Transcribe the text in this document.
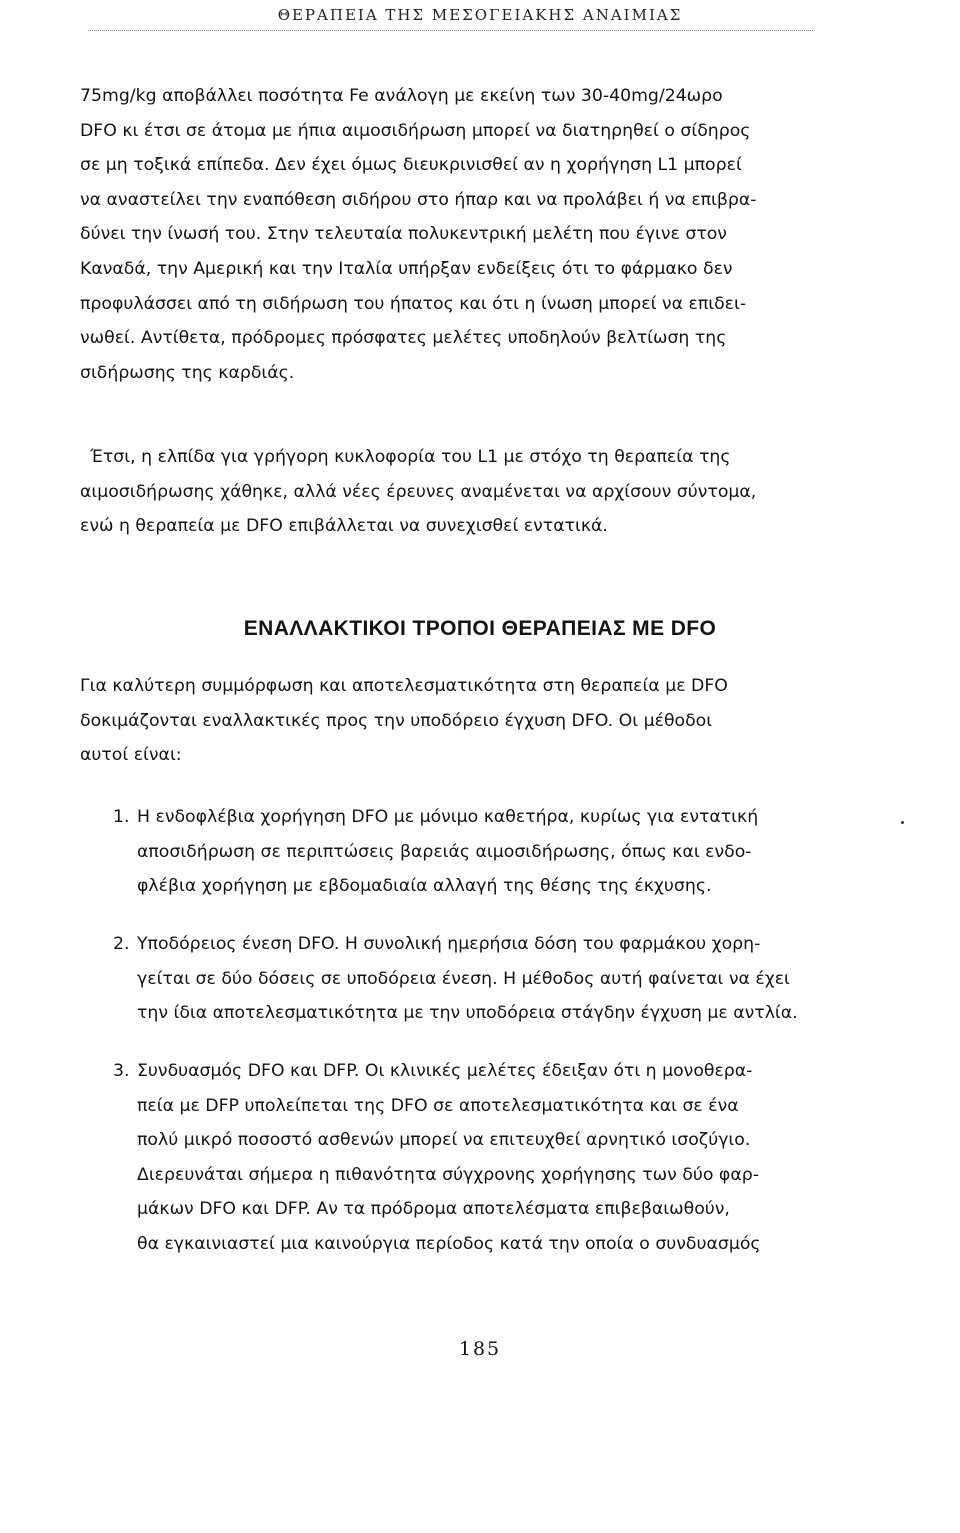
ΘΕΡΑΠΕΙΑ ΤΗΣ ΜΕΣΟΓΕΙΑΚΗΣ ΑΝΑΙΜΙΑΣ

75mg/kg αποβάλλει ποσότητα Fe ανάλογη με εκείνη των 30-40mg/24ωρο
DFO κι έτσι σε άτομα με ήπια αιμοσιδήρωση μπορεί να διατηρηθεί ο σίδηρος
σε μη τοξικά επίπεδα. Δεν έχει όμως διευκρινισθεί αν η χορήγηση L1 μπορεί
να αναστείλει την εναπόθεση σιδήρου στο ήπαρ και να προλάβει ή να επιβρα-
δύνει την ίνωσή του. Στην τελευταία πολυκεντρική μελέτη που έγινε στον
Καναδά, την Αμερική και την Ιταλία υπήρξαν ενδείξεις ότι το φάρμακο δεν
προφυλάσσει από τη σιδήρωση του ήπατος και ότι η ίνωση μπορεί να επιδει-
νωθεί. Αντίθετα, πρόδρομες πρόσφατες μελέτες υποδηλούν βελτίωση της
σιδήρωσης της καρδιάς.

Έτσι, η ελπίδα για γρήγορη κυκλοφορία του L1 με στόχο τη θεραπεία της
αιμοσιδήρωσης χάθηκε, αλλά νέες έρευνες αναμένεται να αρχίσουν σύντομα,
ενώ η θεραπεία με DFO επιβάλλεται να συνεχισθεί εντατικά.

ΕΝΑΛΛΑΚΤΙΚΟΙ ΤΡΟΠΟΙ ΘΕΡΑΠΕΙΑΣ ΜΕ DFO

Για καλύτερη συμμόρφωση και αποτελεσματικότητα στη θεραπεία με DFO
δοκιμάζονται εναλλακτικές προς την υποδόρειο έγχυση DFO. Οι μέθοδοι
αυτοί είναι:

1. Η ενδοφλέβια χορήγηση DFO με μόνιμο καθετήρα, κυρίως για εντατική
αποσιδήρωση σε περιπτώσεις βαρειάς αιμοσιδήρωσης, όπως και ενδο-
φλέβια χορήγηση με εβδομαδιαία αλλαγή της θέσης της έκχυσης.

2. Υποδόρειος ένεση DFO. Η συνολική ημερήσια δόση του φαρμάκου χορη-
γείται σε δύο δόσεις σε υποδόρεια ένεση. Η μέθοδος αυτή φαίνεται να έχει
την ίδια αποτελεσματικότητα με την υποδόρεια στάγδην έγχυση με αντλία.

3. Συνδυασμός DFO και DFP. Οι κλινικές μελέτες έδειξαν ότι η μονοθερα-
πεία με DFP υπολείπεται της DFO σε αποτελεσματικότητα και σε ένα
πολύ μικρό ποσοστό ασθενών μπορεί να επιτευχθεί αρνητικό ισοζύγιο.
Διερευνάται σήμερα η πιθανότητα σύγχρονης χορήγησης των δύο φαρ-
μάκων DFO και DFP. Αν τα πρόδρομα αποτελέσματα επιβεβαιωθούν,
θα εγκαινιαστεί μια καινούργια περίοδος κατά την οποία ο συνδυασμός

185
